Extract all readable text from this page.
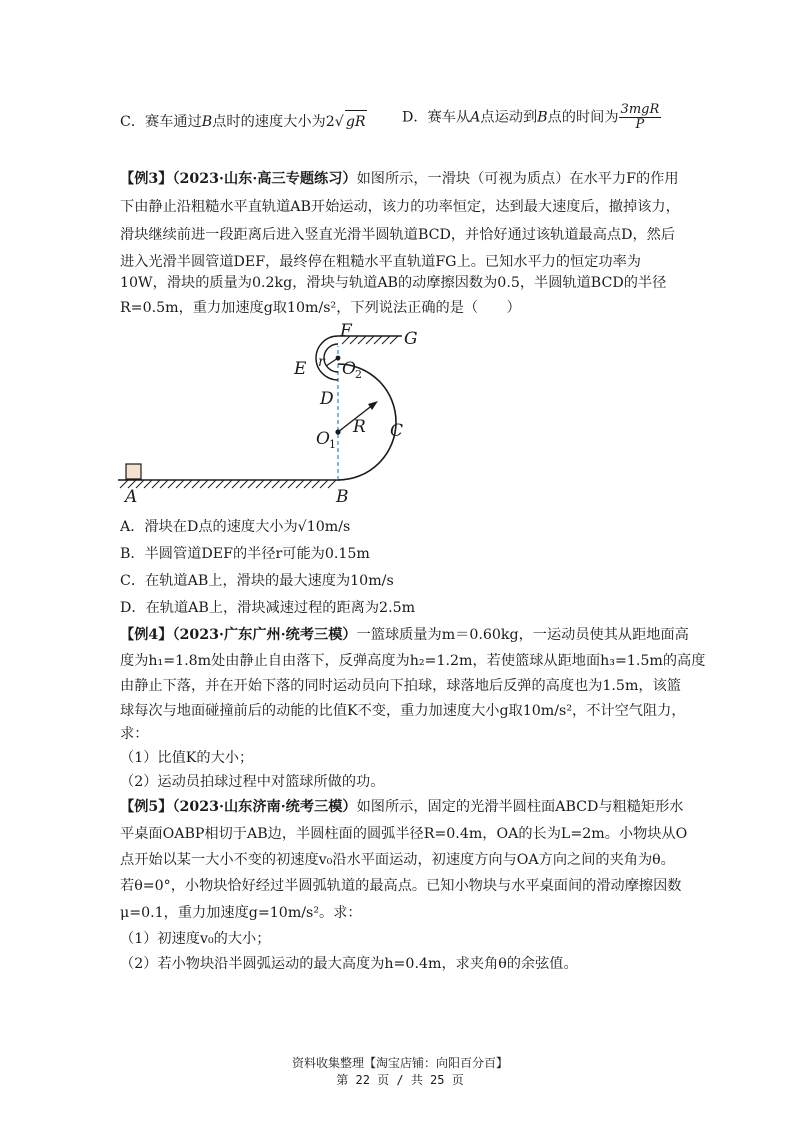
C．赛车通过B点时的速度大小为2√ gR	D．赛车从A点运动到B点的时间为 $\frac{\text{3mgR}}{P}$
【例3】（2023·山东·高三专题练习）如图所示，一滑块（可视为质点）在水平力F的作用
下由静止沿粗糙水平直轨道AB开始运动，该力的功率恒定，达到最大速度后，撤掉该力，
滑块继续前进一段距离后进入竖直光滑半圆轨道BCD，并恰好通过该轨道最高点D，然后
进入光滑半圆管道DEF，最终停在粗糙水平直轨道FG上。已知水平力的恒定功率为
10W，滑块的质量为0.2kg，滑块与轨道AB的动摩擦因数为0.5，半圆轨道BCD的半径
R=0.5m，重力加速度g取10m/s²，下列说法正确的是（　　）
A	B
C
D
E
F	G
R
r
O 1
O 2
A．滑块在D点的速度大小为√10m/s
B．半圆管道DEF的半径r可能为0.15m
C．在轨道AB上，滑块的最大速度为10m/s
D．在轨道AB上，滑块减速过程的距离为2.5m
【例4】（2023·广东广州·统考三模）一篮球质量为m＝0.60kg，一运动员使其从距地面高
度为h₁=1.8m处由静止自由落下，反弹高度为h₂=1.2m，若使篮球从距地面h₃=1.5m的高度
由静止下落，并在开始下落的同时运动员向下拍球，球落地后反弹的高度也为1.5m，该篮
球每次与地面碰撞前后的动能的比值K不变，重力加速度大小g取10m/s²，不计空气阻力，
求：
（1）比值K的大小；
（2）运动员拍球过程中对篮球所做的功。
【例5】（2023·山东济南·统考三模）如图所示，固定的光滑半圆柱面ABCD与粗糙矩形水
平桌面OABP相切于AB边，半圆柱面的圆弧半径R=0.4m，OA的长为L=2m。小物块从O
点开始以某一大小不变的初速度v₀沿水平面运动，初速度方向与OA方向之间的夹角为θ。
若θ=0°，小物块恰好经过半圆弧轨道的最高点。已知小物块与水平桌面间的滑动摩擦因数
μ=0.1，重力加速度g=10m/s²。求：
（1）初速度v₀的大小；
（2）若小物块沿半圆弧运动的最大高度为h=0.4m，求夹角θ的余弦值。
资料收集整理【淘宝店铺：向阳百分百】
第 22 页 / 共 25 页
